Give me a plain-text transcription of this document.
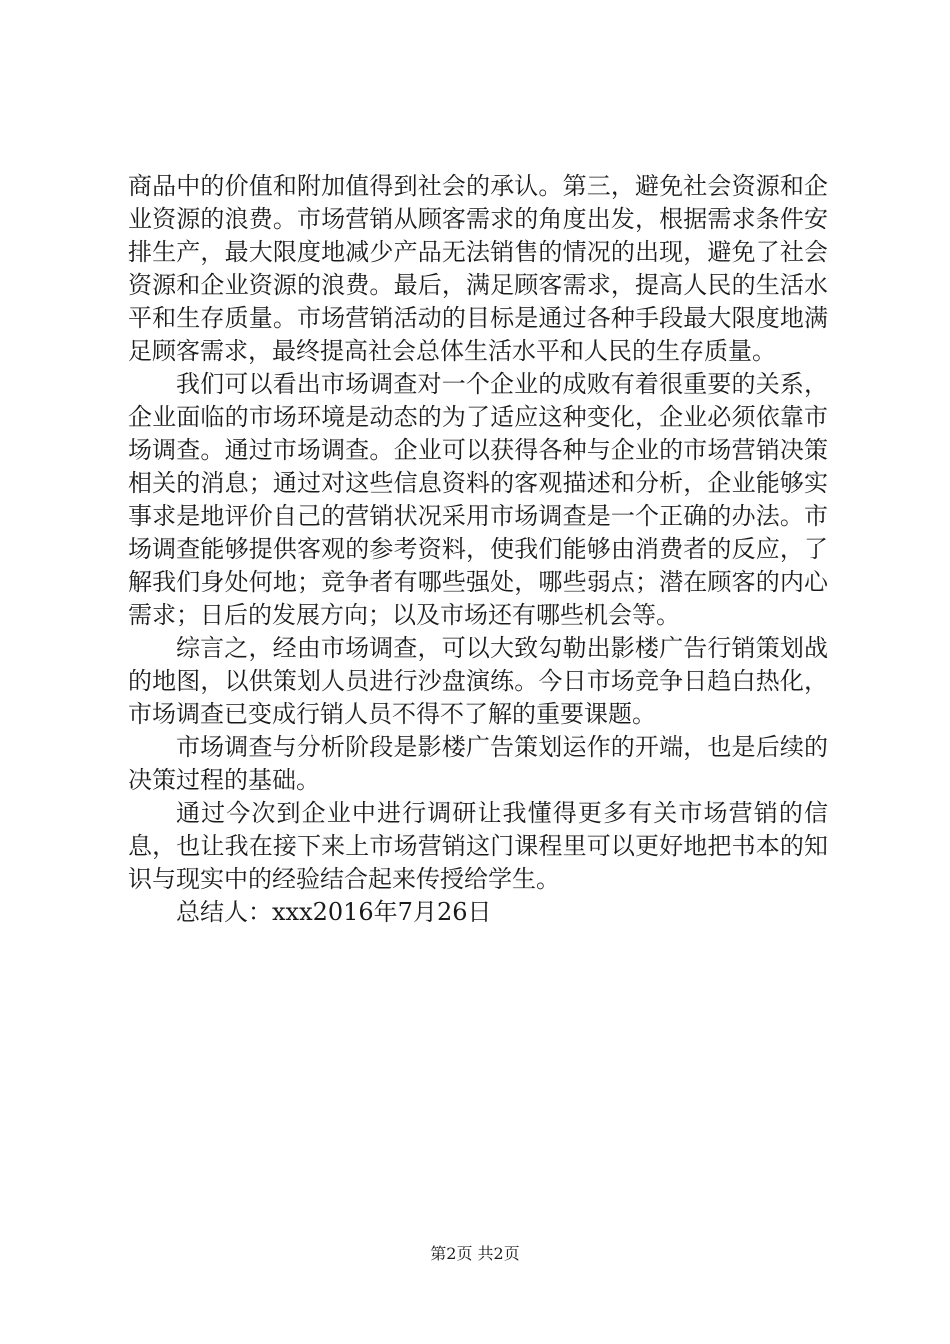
商品中的价值和附加值得到社会的承认。第三，避免社会资源和企业资源的浪费。市场营销从顾客需求的角度出发，根据需求条件安排生产，最大限度地减少产品无法销售的情况的出现，避免了社会资源和企业资源的浪费。最后，满足顾客需求，提高人民的生活水平和生存质量。市场营销活动的目标是通过各种手段最大限度地满足顾客需求，最终提高社会总体生活水平和人民的生存质量。

我们可以看出市场调查对一个企业的成败有着很重要的关系，企业面临的市场环境是动态的为了适应这种变化，企业必须依靠市场调查。通过市场调查。企业可以获得各种与企业的市场营销决策相关的消息；通过对这些信息资料的客观描述和分析，企业能够实事求是地评价自己的营销状况采用市场调查是一个正确的办法。市场调查能够提供客观的参考资料，使我们能够由消费者的反应，了解我们身处何地；竞争者有哪些强处，哪些弱点；潜在顾客的内心需求；日后的发展方向；以及市场还有哪些机会等。

综言之，经由市场调查，可以大致勾勒出影楼广告行销策划战的地图，以供策划人员进行沙盘演练。今日市场竞争日趋白热化，市场调查已变成行销人员不得不了解的重要课题。

市场调查与分析阶段是影楼广告策划运作的开端，也是后续的决策过程的基础。

通过今次到企业中进行调研让我懂得更多有关市场营销的信息，也让我在接下来上市场营销这门课程里可以更好地把书本的知识与现实中的经验结合起来传授给学生。

总结人：xxx2016年7月26日

第2页 共2页
